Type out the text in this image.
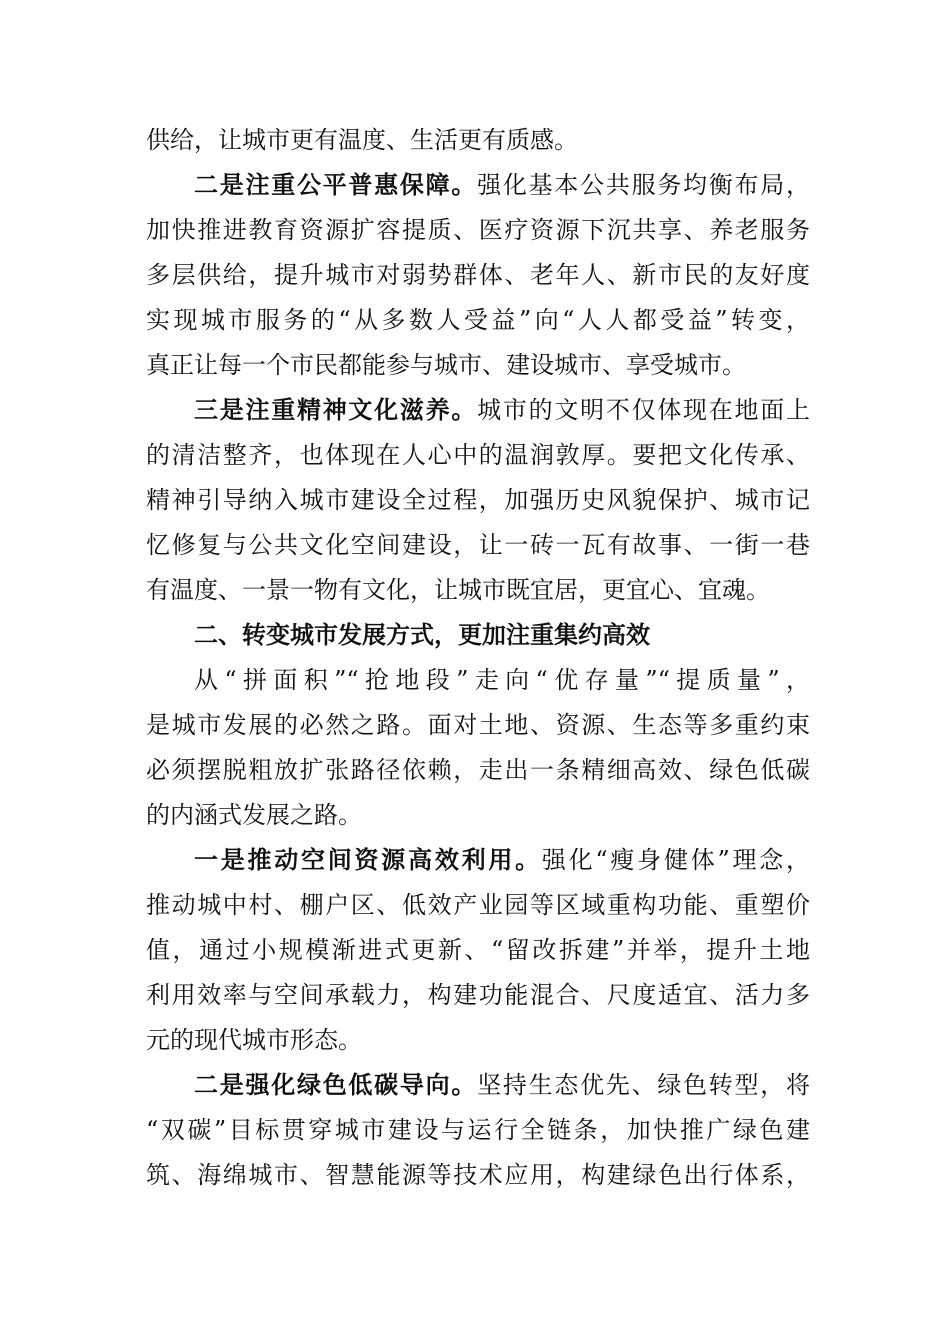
供给，让城市更有温度、生活更有质感。
二是注重公平普惠保障。强化基本公共服务均衡布局，
加快推进教育资源扩容提质、医疗资源下沉共享、养老服务
多层供给，提升城市对弱势群体、老年人、新市民的友好度
实现城市服务的“从多数人受益”向“人人都受益”转变，
真正让每一个市民都能参与城市、建设城市、享受城市。
三是注重精神文化滋养。城市的文明不仅体现在地面上
的清洁整齐，也体现在人心中的温润敦厚。要把文化传承、
精神引导纳入城市建设全过程，加强历史风貌保护、城市记
忆修复与公共文化空间建设，让一砖一瓦有故事、一街一巷
有温度、一景一物有文化，让城市既宜居，更宜心、宜魂。
二、转变城市发展方式，更加注重集约高效
从“拼面积”“抢地段”走向“优存量”“提质量”，
是城市发展的必然之路。面对土地、资源、生态等多重约束
必须摆脱粗放扩张路径依赖，走出一条精细高效、绿色低碳
的内涵式发展之路。
一是推动空间资源高效利用。强化“瘦身健体”理念，
推动城中村、棚户区、低效产业园等区域重构功能、重塑价
值，通过小规模渐进式更新、“留改拆建”并举，提升土地
利用效率与空间承载力，构建功能混合、尺度适宜、活力多
元的现代城市形态。
二是强化绿色低碳导向。坚持生态优先、绿色转型，将
“双碳”目标贯穿城市建设与运行全链条，加快推广绿色建
筑、海绵城市、智慧能源等技术应用，构建绿色出行体系，
